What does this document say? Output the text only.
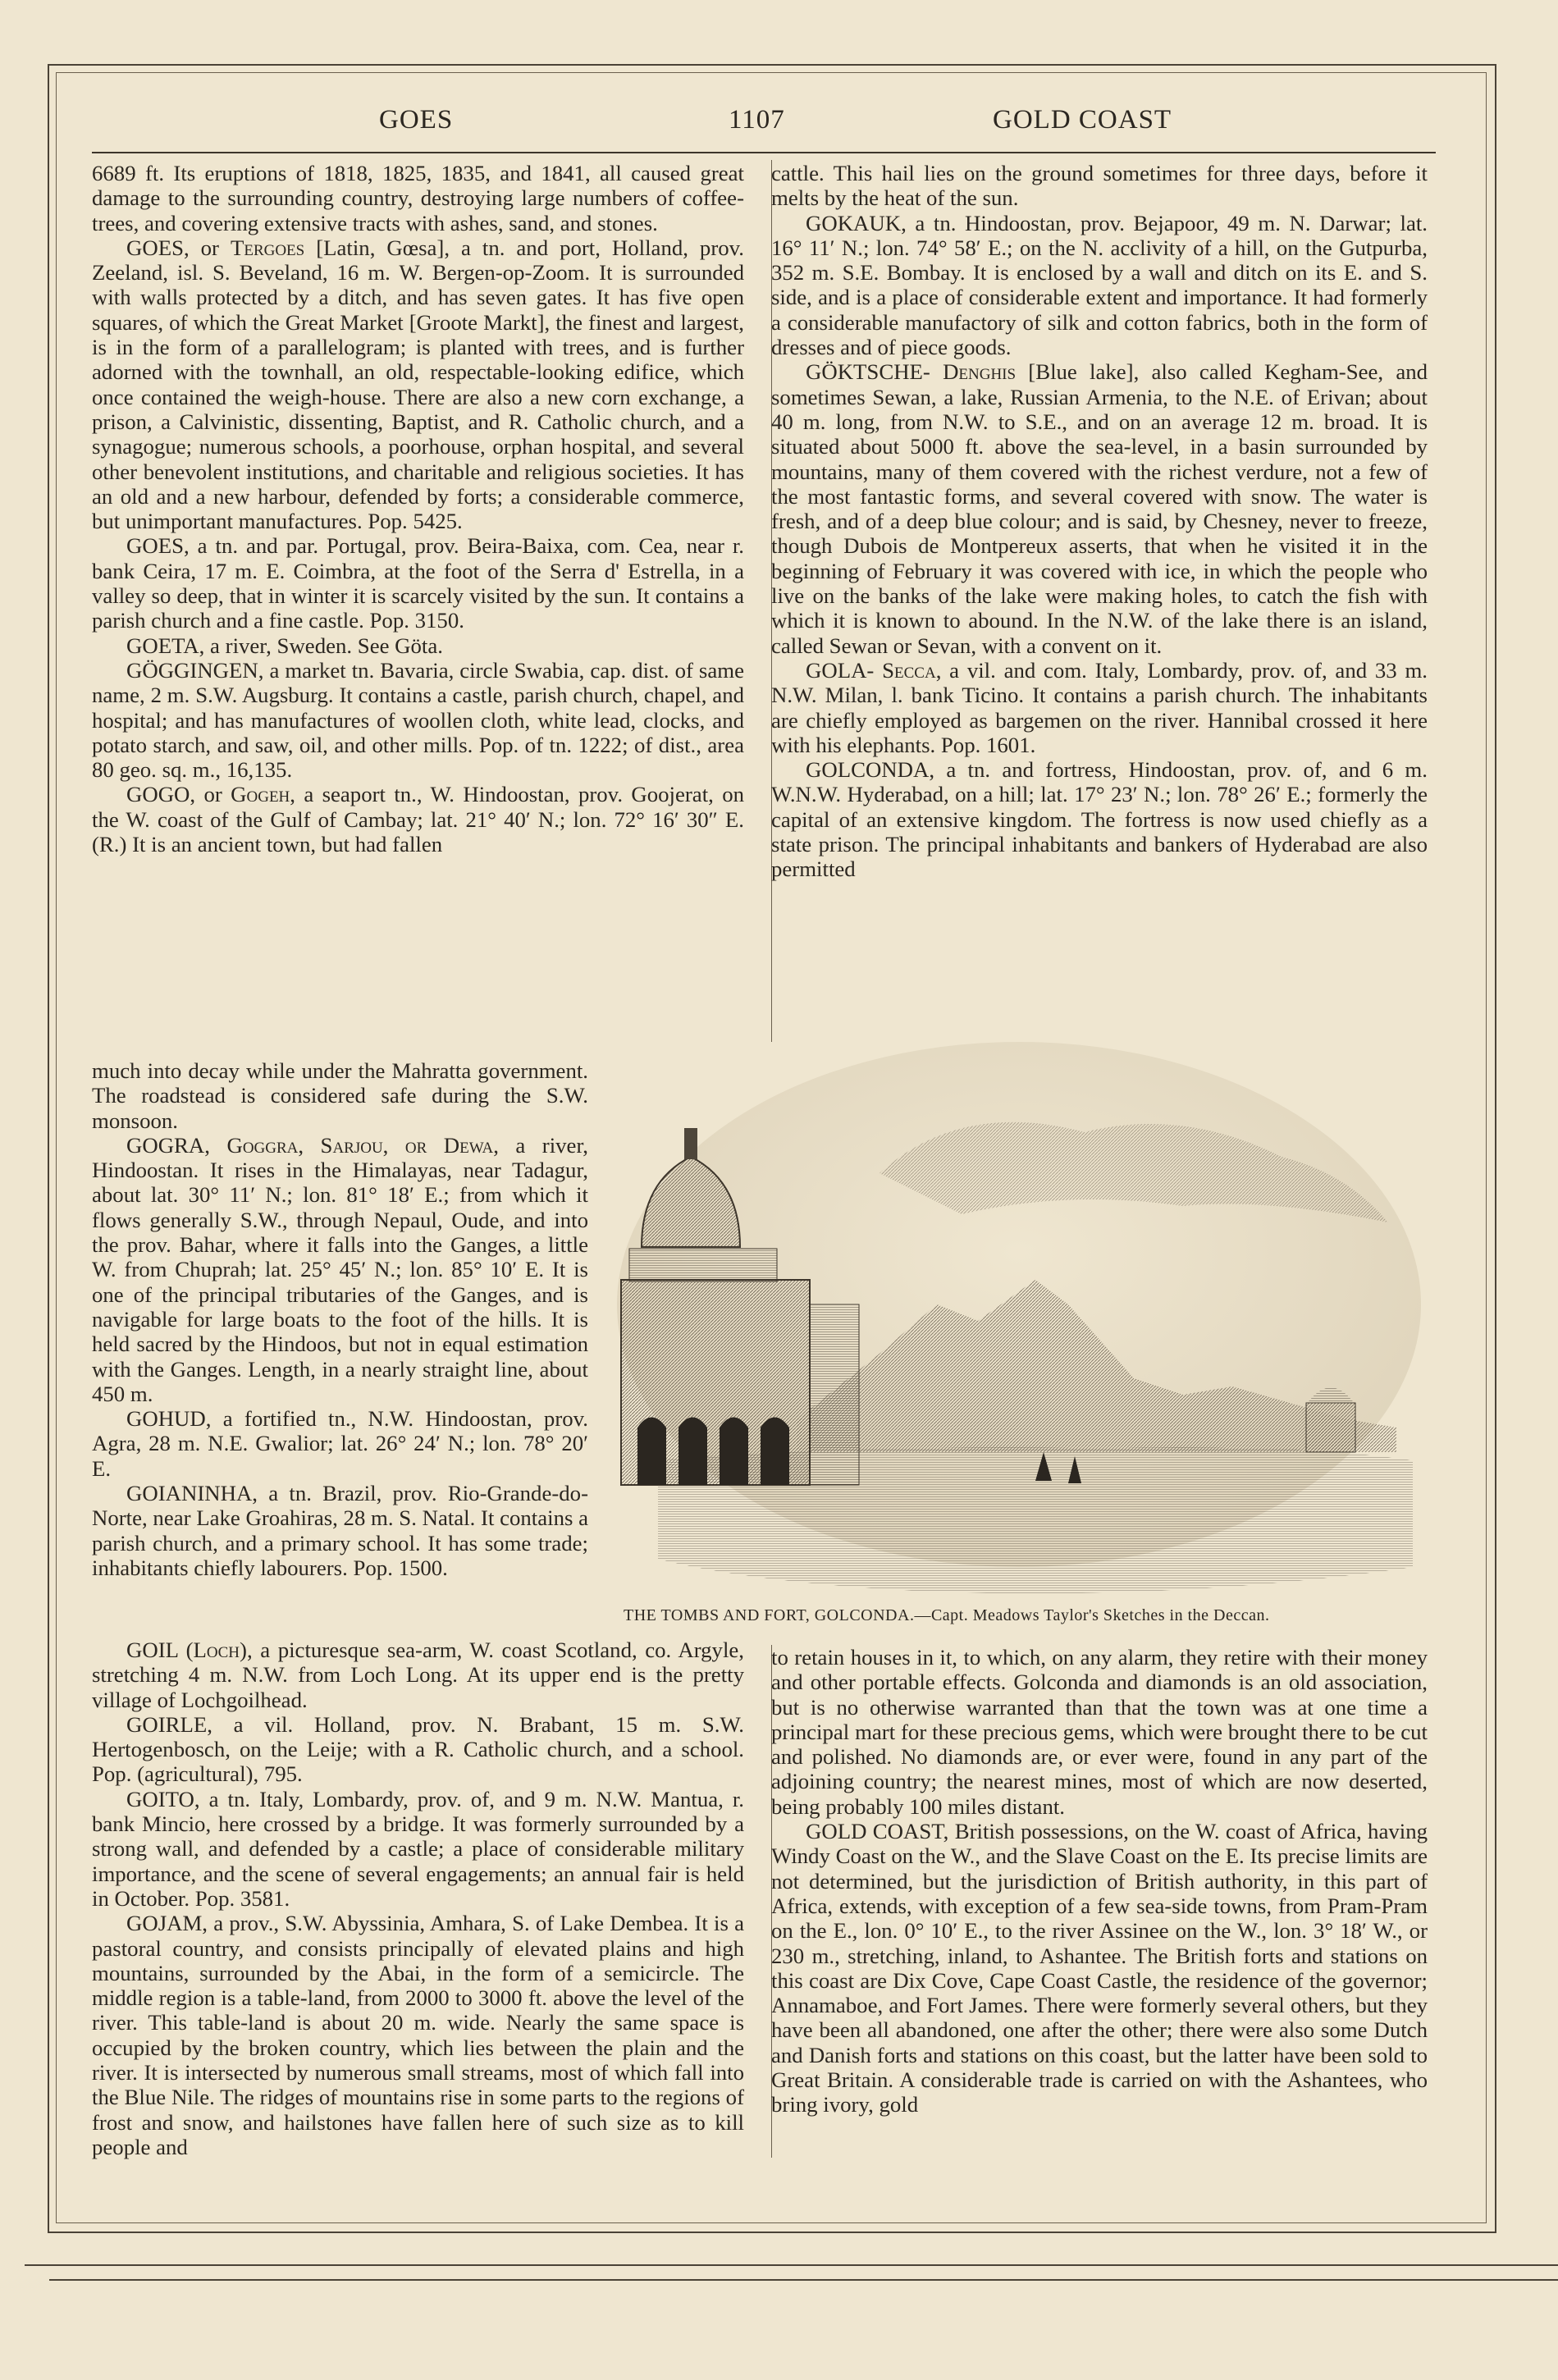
GOES	1107	GOLD COAST

6689 ft. Its eruptions of 1818, 1825, 1835, and 1841, all caused great damage to the surrounding country, destroying large numbers of coffee-trees, and covering extensive tracts with ashes, sand, and stones.

GOES, or Tergoes [Latin, Gœsa], a tn. and port, Holland, prov. Zeeland, isl. S. Beveland, 16 m. W. Bergen-op-Zoom. It is surrounded with walls protected by a ditch, and has seven gates. It has five open squares, of which the Great Market [Groote Markt], the finest and largest, is in the form of a parallelogram; is planted with trees, and is further adorned with the townhall, an old, respectable-looking edifice, which once contained the weigh-house. There are also a new corn exchange, a prison, a Calvinistic, dissenting, Baptist, and R. Catholic church, and a synagogue; numerous schools, a poorhouse, orphan hospital, and several other benevolent institutions, and charitable and religious societies. It has an old and a new harbour, defended by forts; a considerable commerce, but unimportant manufactures. Pop. 5425.

GOES, a tn. and par. Portugal, prov. Beira-Baixa, com. Cea, near r. bank Ceira, 17 m. E. Coimbra, at the foot of the Serra d' Estrella, in a valley so deep, that in winter it is scarcely visited by the sun. It contains a parish church and a fine castle. Pop. 3150.

GOETA, a river, Sweden. See Göta.

GÖGGINGEN, a market tn. Bavaria, circle Swabia, cap. dist. of same name, 2 m. S.W. Augsburg. It contains a castle, parish church, chapel, and hospital; and has manufactures of woollen cloth, white lead, clocks, and potato starch, and saw, oil, and other mills. Pop. of tn. 1222; of dist., area 80 geo. sq. m., 16,135.

GOGO, or Gogeh, a seaport tn., W. Hindoostan, prov. Goojerat, on the W. coast of the Gulf of Cambay; lat. 21° 40′ N.; lon. 72° 16′ 30″ E. (R.) It is an ancient town, but had fallen

much into decay while under the Mahratta government. The roadstead is considered safe during the S.W. monsoon.

GOGRA, Goggra, Sarjou, or Dewa, a river, Hindoostan. It rises in the Himalayas, near Tadagur, about lat. 30° 11′ N.; lon. 81° 18′ E.; from which it flows generally S.W., through Nepaul, Oude, and into the prov. Bahar, where it falls into the Ganges, a little W. from Chuprah; lat. 25° 45′ N.; lon. 85° 10′ E. It is one of the principal tributaries of the Ganges, and is navigable for large boats to the foot of the hills. It is held sacred by the Hindoos, but not in equal estimation with the Ganges. Length, in a nearly straight line, about 450 m.

GOHUD, a fortified tn., N.W. Hindoostan, prov. Agra, 28 m. N.E. Gwalior; lat. 26° 24′ N.; lon. 78° 20′ E.

GOIANINHA, a tn. Brazil, prov. Rio-Grande-do-Norte, near Lake Groahiras, 28 m. S. Natal. It contains a parish church, and a primary school. It has some trade; inhabitants chiefly labourers. Pop. 1500.

GOIL (Loch), a picturesque sea-arm, W. coast Scotland, co. Argyle, stretching 4 m. N.W. from Loch Long. At its upper end is the pretty village of Lochgoilhead.

GOIRLE, a vil. Holland, prov. N. Brabant, 15 m. S.W. Hertogenbosch, on the Leije; with a R. Catholic church, and a school. Pop. (agricultural), 795.

GOITO, a tn. Italy, Lombardy, prov. of, and 9 m. N.W. Mantua, r. bank Mincio, here crossed by a bridge. It was formerly surrounded by a strong wall, and defended by a castle; a place of considerable military importance, and the scene of several engagements; an annual fair is held in October. Pop. 3581.

GOJAM, a prov., S.W. Abyssinia, Amhara, S. of Lake Dembea. It is a pastoral country, and consists principally of elevated plains and high mountains, surrounded by the Abai, in the form of a semicircle. The middle region is a table-land, from 2000 to 3000 ft. above the level of the river. This table-land is about 20 m. wide. Nearly the same space is occupied by the broken country, which lies between the plain and the river. It is intersected by numerous small streams, most of which fall into the Blue Nile. The ridges of mountains rise in some parts to the regions of frost and snow, and hailstones have fallen here of such size as to kill people and

cattle. This hail lies on the ground sometimes for three days, before it melts by the heat of the sun.

GOKAUK, a tn. Hindoostan, prov. Bejapoor, 49 m. N. Darwar; lat. 16° 11′ N.; lon. 74° 58′ E.; on the N. acclivity of a hill, on the Gutpurba, 352 m. S.E. Bombay. It is enclosed by a wall and ditch on its E. and S. side, and is a place of considerable extent and importance. It had formerly a considerable manufactory of silk and cotton fabrics, both in the form of dresses and of piece goods.

GÖKTSCHE- Denghis [Blue lake], also called Kegham-See, and sometimes Sewan, a lake, Russian Armenia, to the N.E. of Erivan; about 40 m. long, from N.W. to S.E., and on an average 12 m. broad. It is situated about 5000 ft. above the sea-level, in a basin surrounded by mountains, many of them covered with the richest verdure, not a few of the most fantastic forms, and several covered with snow. The water is fresh, and of a deep blue colour; and is said, by Chesney, never to freeze, though Dubois de Montpereux asserts, that when he visited it in the beginning of February it was covered with ice, in which the people who live on the banks of the lake were making holes, to catch the fish with which it is known to abound. In the N.W. of the lake there is an island, called Sewan or Sevan, with a convent on it.

GOLA- Secca, a vil. and com. Italy, Lombardy, prov. of, and 33 m. N.W. Milan, l. bank Ticino. It contains a parish church. The inhabitants are chiefly employed as bargemen on the river. Hannibal crossed it here with his elephants. Pop. 1601.

GOLCONDA, a tn. and fortress, Hindoostan, prov. of, and 6 m. W.N.W. Hyderabad, on a hill; lat. 17° 23′ N.; lon. 78° 26′ E.; formerly the capital of an extensive kingdom. The fortress is now used chiefly as a state prison. The principal inhabitants and bankers of Hyderabad are also permitted

to retain houses in it, to which, on any alarm, they retire with their money and other portable effects. Golconda and diamonds is an old association, but is no otherwise warranted than that the town was at one time a principal mart for these precious gems, which were brought there to be cut and polished. No diamonds are, or ever were, found in any part of the adjoining country; the nearest mines, most of which are now deserted, being probably 100 miles distant.

GOLD COAST, British possessions, on the W. coast of Africa, having Windy Coast on the W., and the Slave Coast on the E. Its precise limits are not determined, but the jurisdiction of British authority, in this part of Africa, extends, with exception of a few sea-side towns, from Pram-Pram on the E., lon. 0° 10′ E., to the river Assinee on the W., lon. 3° 18′ W., or 230 m., stretching, inland, to Ashantee. The British forts and stations on this coast are Dix Cove, Cape Coast Castle, the residence of the governor; Annamaboe, and Fort James. There were formerly several others, but they have been all abandoned, one after the other; there were also some Dutch and Danish forts and stations on this coast, but the latter have been sold to Great Britain. A considerable trade is carried on with the Ashantees, who bring ivory, gold

THE TOMBS AND FORT, GOLCONDA.—Capt. Meadows Taylor's Sketches in the Deccan.
